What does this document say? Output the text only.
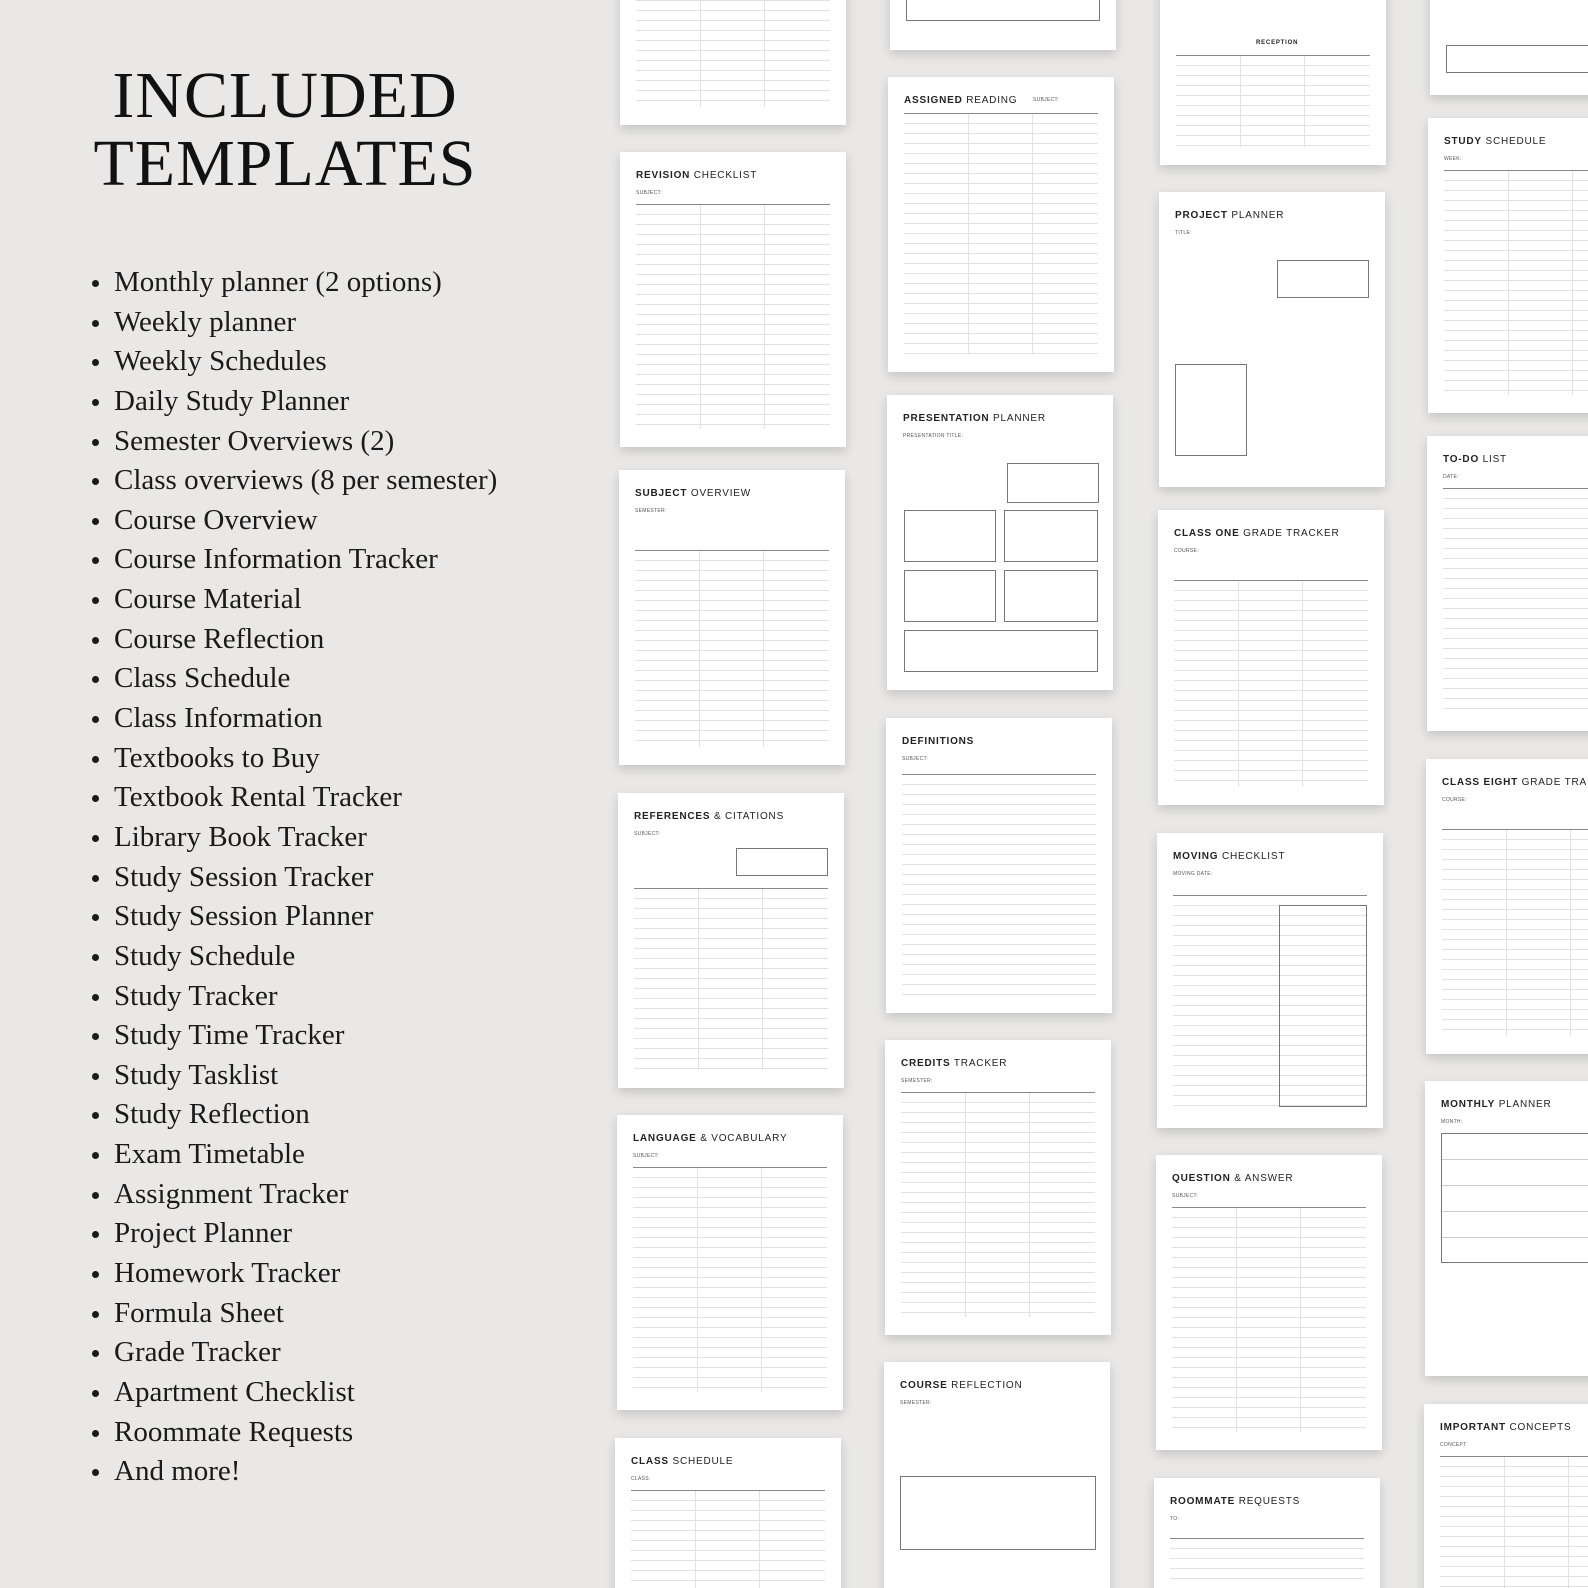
INCLUDED
TEMPLATES
Monthly planner (2 options)
Weekly planner
Weekly Schedules
Daily Study Planner
Semester Overviews (2)
Class overviews (8 per semester)
Course Overview
Course Information Tracker
Course Material
Course Reflection
Class Schedule
Class Information
Textbooks to Buy
Textbook Rental Tracker
Library Book Tracker
Study Session Tracker
Study Session Planner
Study Schedule
Study Tracker
Study Time Tracker
Study Tasklist
Study Reflection
Exam Timetable
Assignment Tracker
Project Planner
Homework Tracker
Formula Sheet
Grade Tracker
Apartment Checklist
Roommate Requests
And more!
REVISION CHECKLIST
SUBJECT:
SUBJECT OVERVIEW
SEMESTER:
REFERENCES & CITATIONS
SUBJECT:
LANGUAGE & VOCABULARY
SUBJECT:
CLASS SCHEDULE
CLASS:
ASSIGNED READING	SUBJECT:
PRESENTATION PLANNER
PRESENTATION TITLE:
DEFINITIONS
SUBJECT:
CREDITS TRACKER
SEMESTER:
COURSE REFLECTION
SEMESTER:
RECEPTION
PROJECT PLANNER
TITLE:
CLASS ONE GRADE TRACKER
COURSE:
MOVING CHECKLIST
MOVING DATE:
QUESTION & ANSWER
SUBJECT:
ROOMMATE REQUESTS
TO:
STUDY SCHEDULE
WEEK:
TO-DO LIST
DATE:
CLASS EIGHT GRADE TRA
COURSE:
MONTHLY PLANNER
MONTH:
IMPORTANT CONCEPTS
CONCEPT
